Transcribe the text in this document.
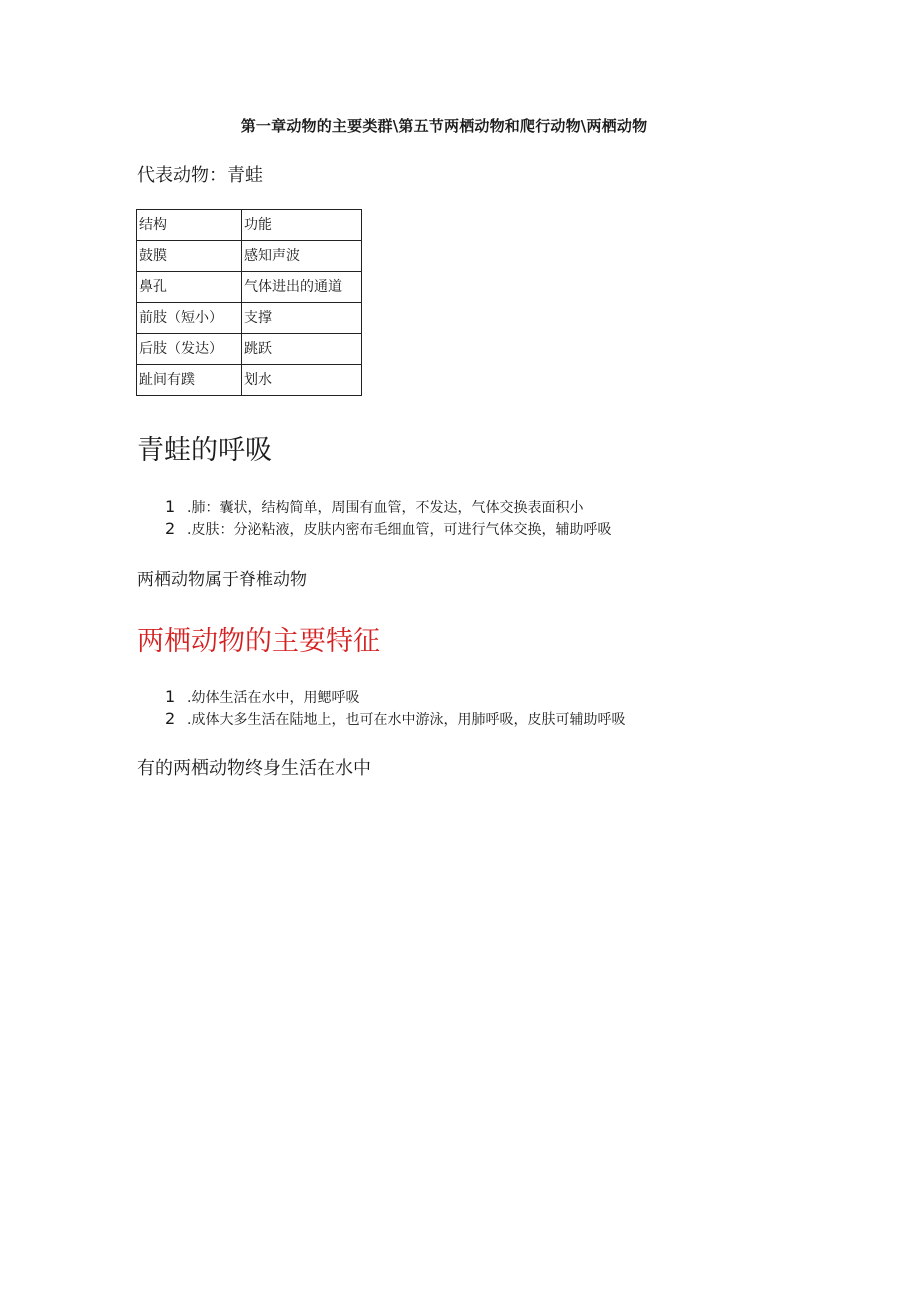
第一章动物的主要类群\第五节两栖动物和爬行动物\两栖动物
代表动物：青蛙
结构	功能
鼓膜	感知声波
鼻孔	气体进出的通道
前肢（短小）	支撑
后肢（发达）	跳跃
趾间有蹼	划水
青蛙的呼吸
1 .肺：囊状，结构简单，周围有血管，不发达，气体交换表面积小
2 .皮肤：分泌粘液，皮肤内密布毛细血管，可进行气体交换，辅助呼吸
两栖动物属于脊椎动物
两栖动物的主要特征
1 .幼体生活在水中，用鳃呼吸
2 .成体大多生活在陆地上，也可在水中游泳，用肺呼吸，皮肤可辅助呼吸
有的两栖动物终身生活在水中
